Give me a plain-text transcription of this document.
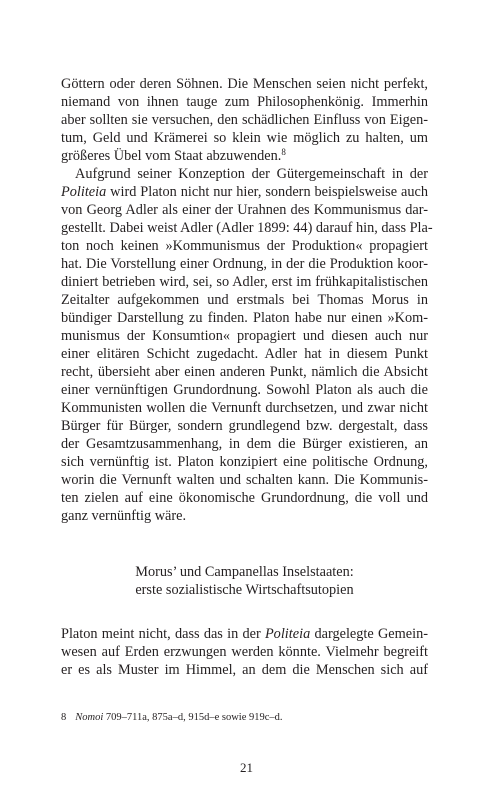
Göttern oder deren Söhnen. Die Menschen seien nicht perfekt,
niemand von ihnen tauge zum Philosophenkönig. Immerhin
aber sollten sie versuchen, den schädlichen Einfluss von Eigen-
tum, Geld und Krämerei so klein wie möglich zu halten, um
größeres Übel vom Staat abzuwenden.$^8$
Aufgrund seiner Konzeption der Gütergemeinschaft in der
Politeia wird Platon nicht nur hier, sondern beispielsweise auch
von Georg Adler als einer der Urahnen des Kommunismus dar-
gestellt. Dabei weist Adler (Adler 1899: 44) darauf hin, dass Pla-
ton noch keinen »Kommunismus der Produktion« propagiert
hat. Die Vorstellung einer Ordnung, in der die Produktion koor-
diniert betrieben wird, sei, so Adler, erst im frühkapitalistischen
Zeitalter aufgekommen und erstmals bei Thomas Morus in
bündiger Darstellung zu finden. Platon habe nur einen »Kom-
munismus der Konsumtion« propagiert und diesen auch nur
einer elitären Schicht zugedacht. Adler hat in diesem Punkt
recht, übersieht aber einen anderen Punkt, nämlich die Absicht
einer vernünftigen Grundordnung. Sowohl Platon als auch die
Kommunisten wollen die Vernunft durchsetzen, und zwar nicht
Bürger für Bürger, sondern grundlegend bzw. dergestalt, dass
der Gesamtzusammenhang, in dem die Bürger existieren, an
sich vernünftig ist. Platon konzipiert eine politische Ordnung,
worin die Vernunft walten und schalten kann. Die Kommunis-
ten zielen auf eine ökonomische Grundordnung, die voll und
ganz vernünftig wäre.
Morus’ und Campanellas Inselstaaten:
erste sozialistische Wirtschaftsutopien
Platon meint nicht, dass das in der Politeia dargelegte Gemein-
wesen auf Erden erzwungen werden könnte. Vielmehr begreift
er es als Muster im Himmel, an dem die Menschen sich auf
8 Nomoi 709–711a, 875a–d, 915d–e sowie 919c–d.
21
